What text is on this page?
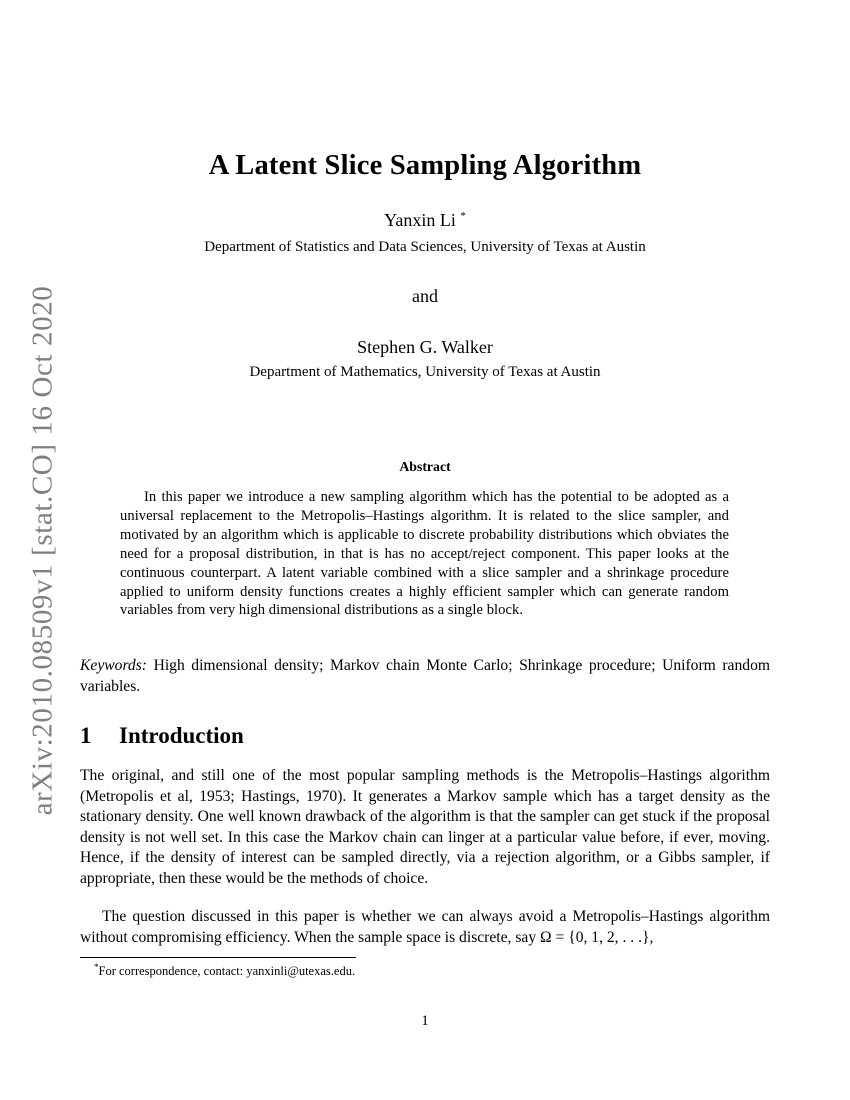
arXiv:2010.08509v1 [stat.CO] 16 Oct 2020
A Latent Slice Sampling Algorithm
Yanxin Li *
Department of Statistics and Data Sciences, University of Texas at Austin
and
Stephen G. Walker
Department of Mathematics, University of Texas at Austin
Abstract

In this paper we introduce a new sampling algorithm which has the potential to be adopted as a universal replacement to the Metropolis–Hastings algorithm. It is related to the slice sampler, and motivated by an algorithm which is applicable to discrete probability distributions which obviates the need for a proposal distribution, in that is has no accept/reject component. This paper looks at the continuous counterpart. A latent variable combined with a slice sampler and a shrinkage procedure applied to uniform density functions creates a highly efficient sampler which can generate random variables from very high dimensional distributions as a single block.

Keywords: High dimensional density; Markov chain Monte Carlo; Shrinkage procedure; Uniform random variables.

1 Introduction

The original, and still one of the most popular sampling methods is the Metropolis–Hastings algorithm (Metropolis et al, 1953; Hastings, 1970). It generates a Markov sample which has a target density as the stationary density. One well known drawback of the algorithm is that the sampler can get stuck if the proposal density is not well set. In this case the Markov chain can linger at a particular value before, if ever, moving. Hence, if the density of interest can be sampled directly, via a rejection algorithm, or a Gibbs sampler, if appropriate, then these would be the methods of choice.

The question discussed in this paper is whether we can always avoid a Metropolis–Hastings algorithm without compromising efficiency. When the sample space is discrete, say Ω = {0, 1, 2, . . .},

*For correspondence, contact: yanxinli@utexas.edu.
1
